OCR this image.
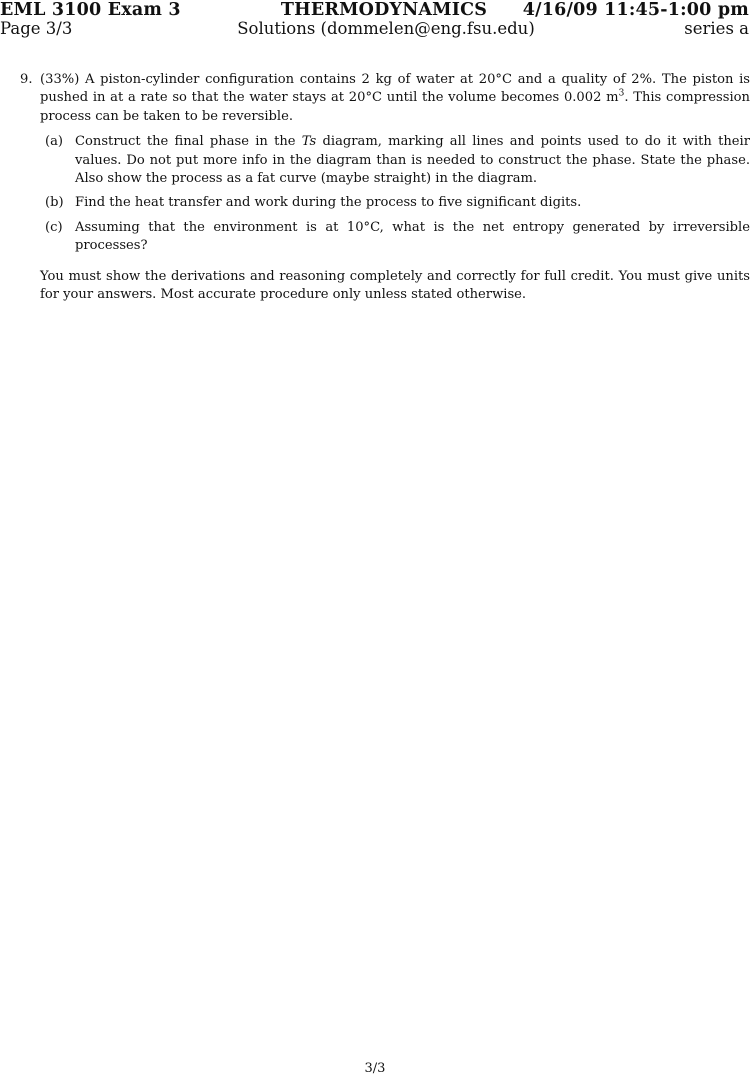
EML 3100 Exam 3	THERMODYNAMICS	4/16/09 11:45-1:00 pm
Page 3/3	Solutions (dommelen@eng.fsu.edu)	series a
9. (33%) A piston-cylinder configuration contains 2 kg of water at 20°C and a quality of 2%. The piston is pushed in at a rate so that the water stays at 20°C until the volume becomes 0.002 $m^3$. This compression process can be taken to be reversible.

(a) Construct the final phase in the Ts diagram, marking all lines and points used to do it with their values. Do not put more info in the diagram than is needed to construct the phase. State the phase. Also show the process as a fat curve (maybe straight) in the diagram.
(b) Find the heat transfer and work during the process to five significant digits.
(c) Assuming that the environment is at 10°C, what is the net entropy generated by irreversible processes?

You must show the derivations and reasoning completely and correctly for full credit. You must give units for your answers. Most accurate procedure only unless stated otherwise.

3/3
